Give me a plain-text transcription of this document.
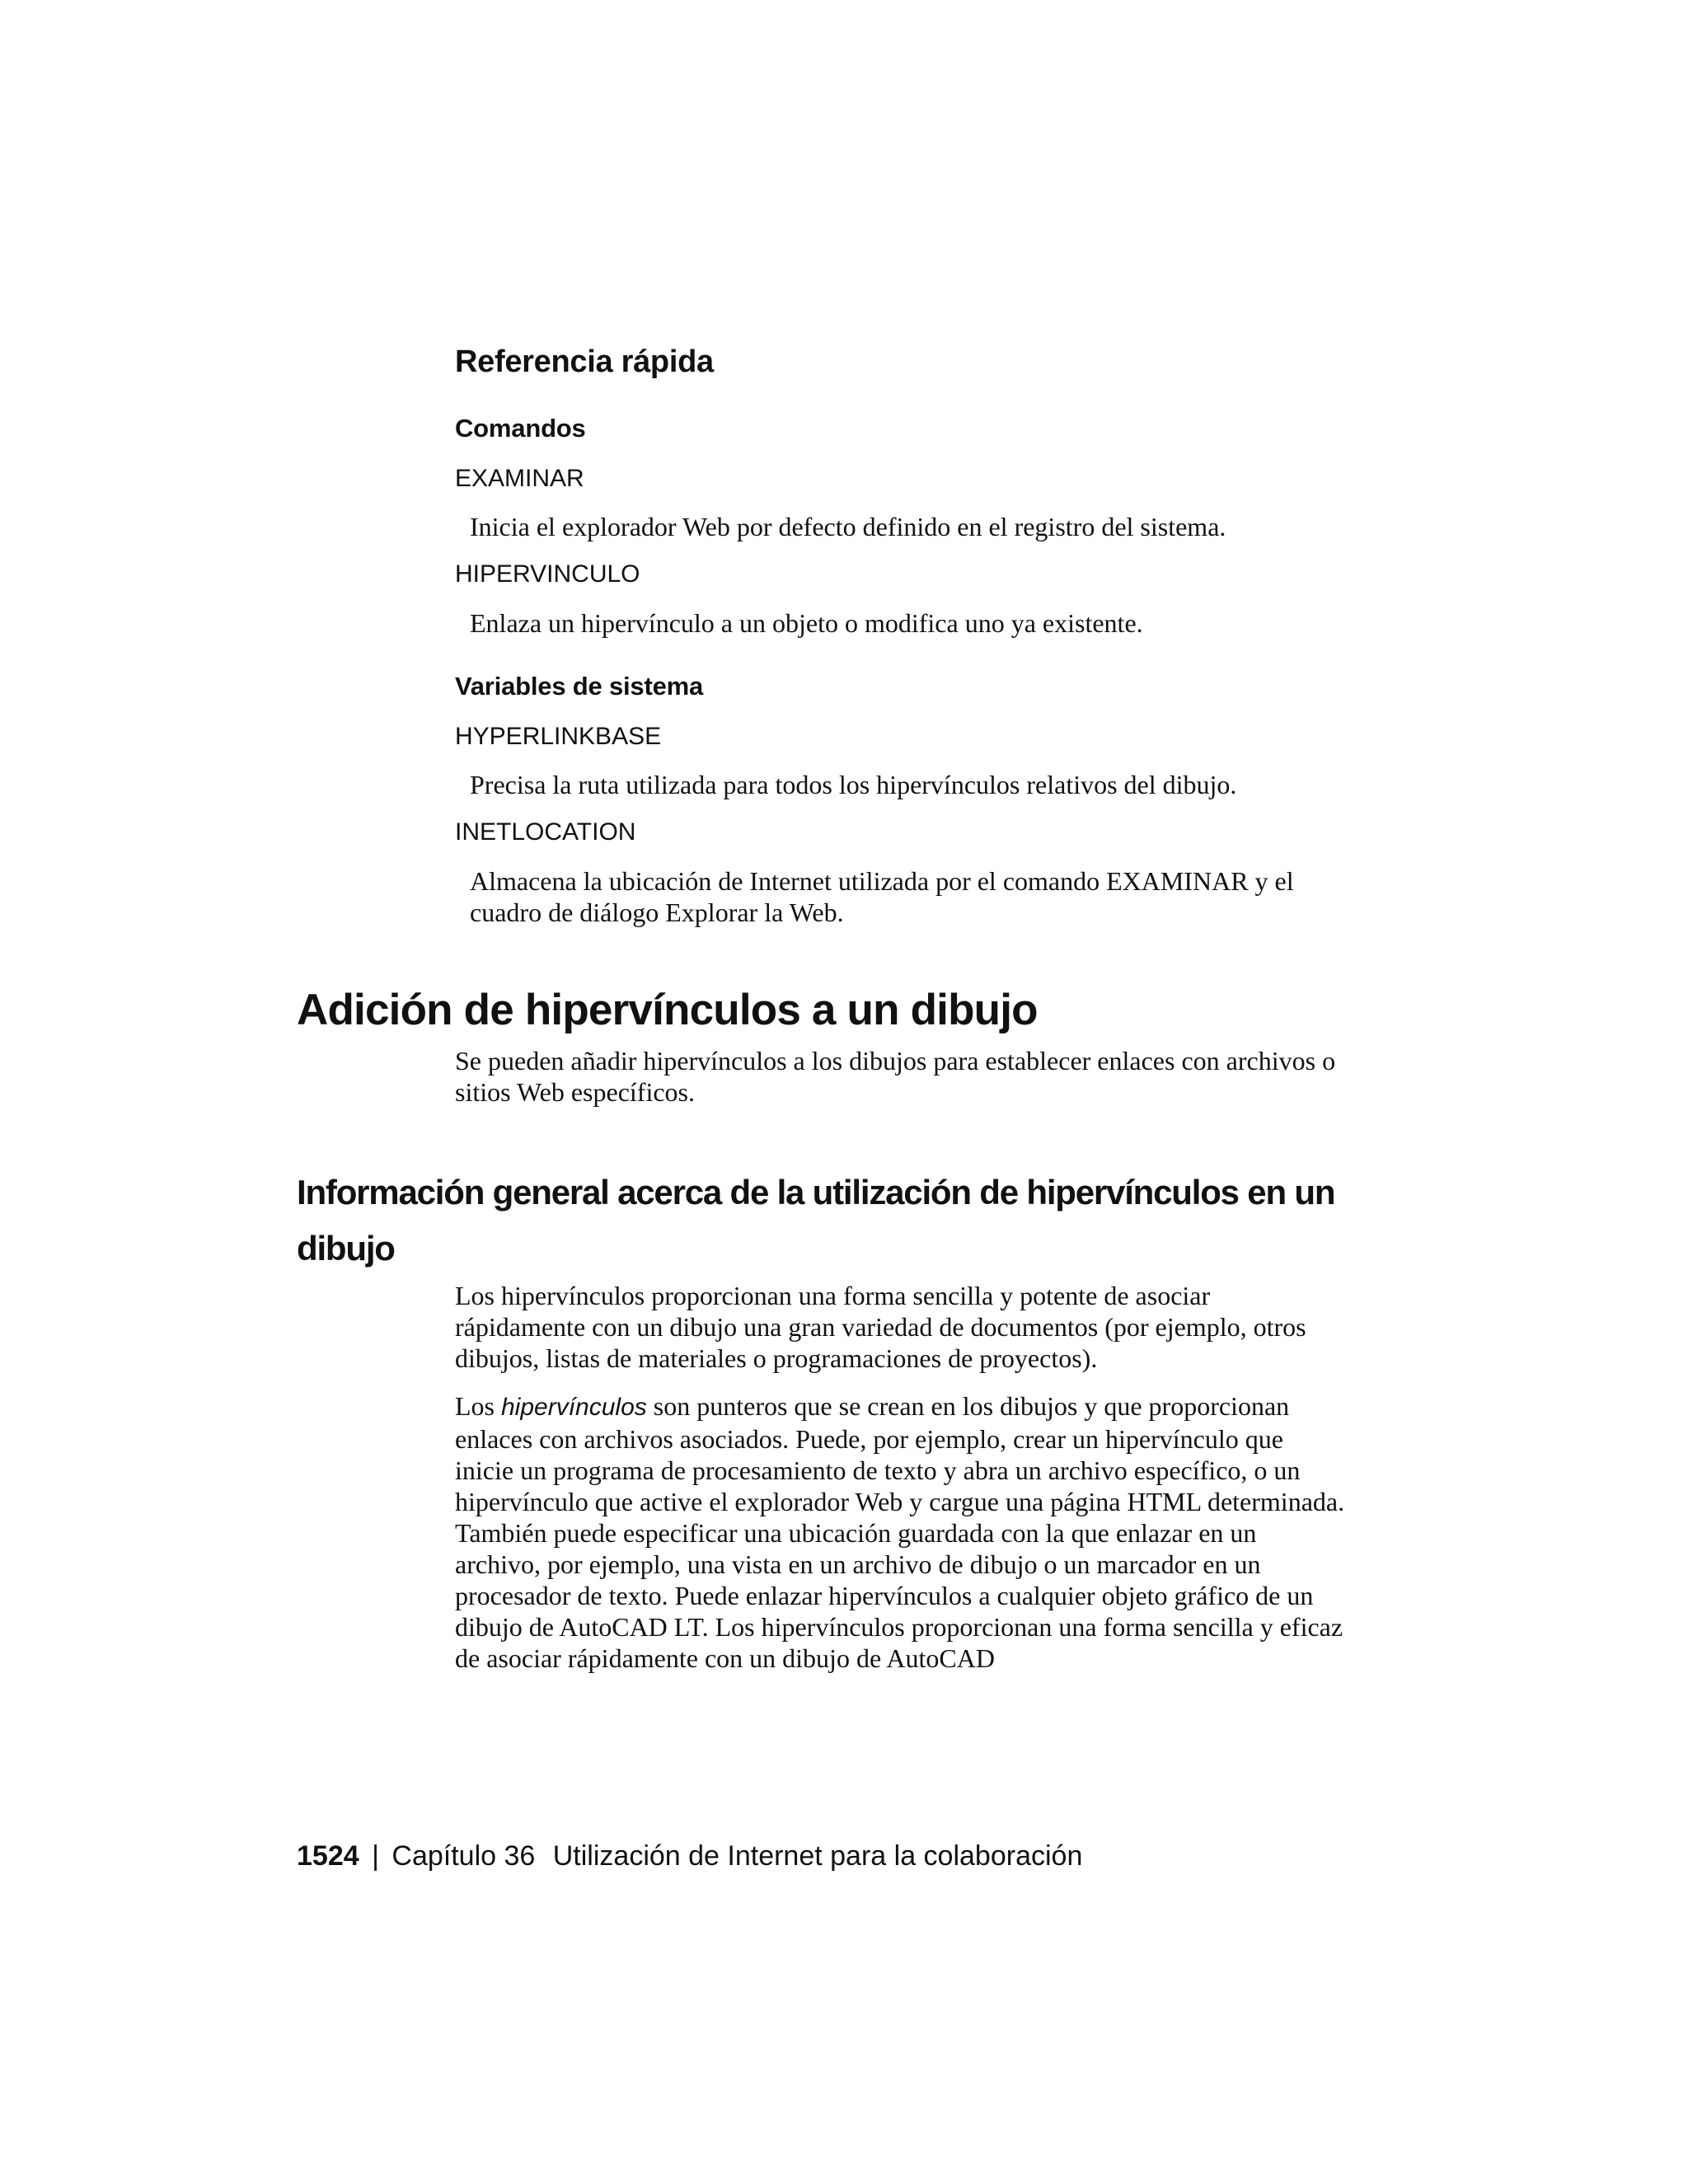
Referencia rápida
Comandos
EXAMINAR
Inicia el explorador Web por defecto definido en el registro del sistema.
HIPERVINCULO
Enlaza un hipervínculo a un objeto o modifica uno ya existente.
Variables de sistema
HYPERLINKBASE
Precisa la ruta utilizada para todos los hipervínculos relativos del dibujo.
INETLOCATION
Almacena la ubicación de Internet utilizada por el comando EXAMINAR y el cuadro de diálogo Explorar la Web.
Adición de hipervínculos a un dibujo

Se pueden añadir hipervínculos a los dibujos para establecer enlaces con archivos o sitios Web específicos.

Información general acerca de la utilización de hipervínculos en un dibujo

Los hipervínculos proporcionan una forma sencilla y potente de asociar rápidamente con un dibujo una gran variedad de documentos (por ejemplo, otros dibujos, listas de materiales o programaciones de proyectos).

Los hipervínculos son punteros que se crean en los dibujos y que proporcionan enlaces con archivos asociados. Puede, por ejemplo, crear un hipervínculo que inicie un programa de procesamiento de texto y abra un archivo específico, o un hipervínculo que active el explorador Web y cargue una página HTML determinada. También puede especificar una ubicación guardada con la que enlazar en un archivo, por ejemplo, una vista en un archivo de dibujo o un marcador en un procesador de texto. Puede enlazar hipervínculos a cualquier objeto gráfico de un dibujo de AutoCAD LT. Los hipervínculos proporcionan una forma sencilla y eficaz de asociar rápidamente con un dibujo de AutoCAD

1524 | Capítulo 36 Utilización de Internet para la colaboración
